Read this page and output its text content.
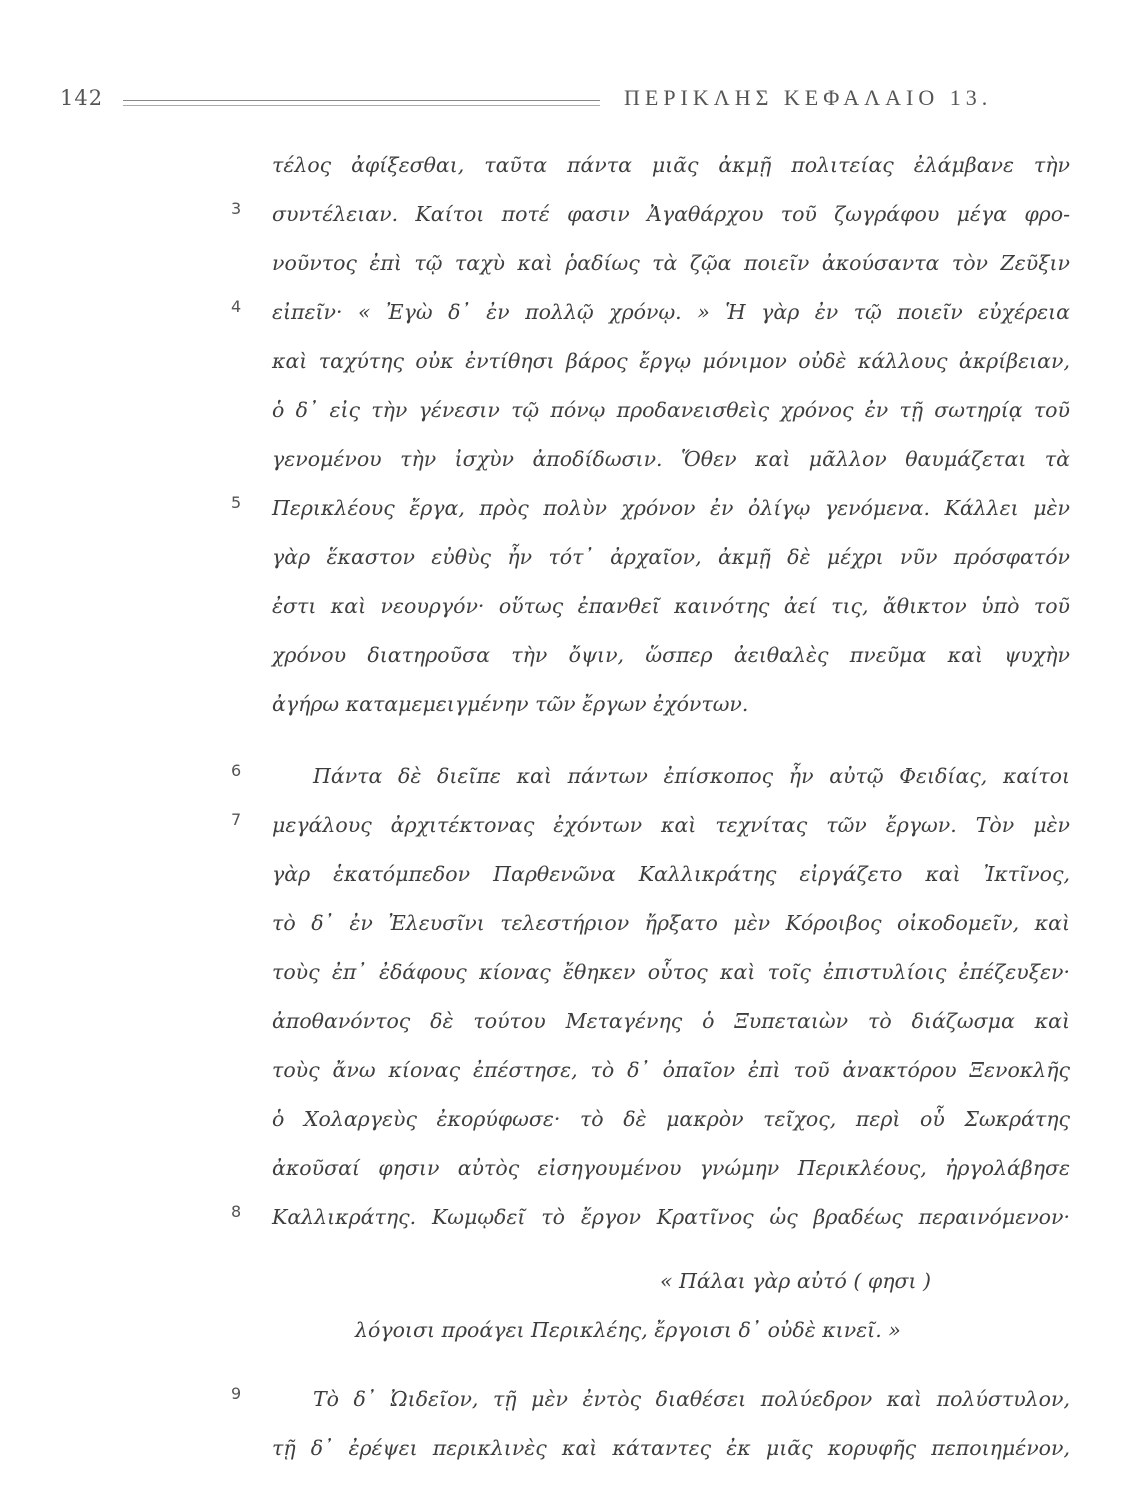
142	ΠΕΡΙΚΛΗΣ ΚΕΦΑΛΑΙΟ 13.
τέλος ἀφίξεσθαι, ταῦτα πάντα μιᾶς ἀκμῇ πολιτείας ἐλάμβανε τὴν
3 συντέλειαν. Καίτοι ποτέ φασιν Ἀγαθάρχου τοῦ ζωγράφου μέγα φρο-
νοῦντος ἐπὶ τῷ ταχὺ καὶ ῥαδίως τὰ ζῷα ποιεῖν ἀκούσαντα τὸν Ζεῦξιν
4 εἰπεῖν· « Ἐγὼ δ᾽ ἐν πολλῷ χρόνῳ. » Ἡ γὰρ ἐν τῷ ποιεῖν εὐχέρεια
καὶ ταχύτης οὐκ ἐντίθησι βάρος ἔργῳ μόνιμον οὐδὲ κάλλους ἀκρίβειαν,
ὁ δ᾽ εἰς τὴν γένεσιν τῷ πόνῳ προδανεισθεὶς χρόνος ἐν τῇ σωτηρίᾳ τοῦ
γενομένου τὴν ἰσχὺν ἀποδίδωσιν. Ὅθεν καὶ μᾶλλον θαυμάζεται τὰ
5 Περικλέους ἔργα, πρὸς πολὺν χρόνον ἐν ὀλίγῳ γενόμενα. Κάλλει μὲν
γὰρ ἕκαστον εὐθὺς ἦν τότ᾽ ἀρχαῖον, ἀκμῇ δὲ μέχρι νῦν πρόσφατόν
ἐστι καὶ νεουργόν· οὕτως ἐπανθεῖ καινότης ἀεί τις, ἄθικτον ὑπὸ τοῦ
χρόνου διατηροῦσα τὴν ὄψιν, ὥσπερ ἀειθαλὲς πνεῦμα καὶ ψυχὴν
ἀγήρω καταμεμειγμένην τῶν ἔργων ἐχόντων.
6	Πάντα δὲ διεῖπε καὶ πάντων ἐπίσκοπος ἦν αὐτῷ Φειδίας, καίτοι
7 μεγάλους ἀρχιτέκτονας ἐχόντων καὶ τεχνίτας τῶν ἔργων. Τὸν μὲν
γὰρ ἑκατόμπεδον Παρθενῶνα Καλλικράτης εἰργάζετο καὶ Ἰκτῖνος,
τὸ δ᾽ ἐν Ἐλευσῖνι τελεστήριον ἤρξατο μὲν Κόροιβος οἰκοδομεῖν, καὶ
τοὺς ἐπ᾽ ἐδάφους κίονας ἔθηκεν οὗτος καὶ τοῖς ἐπιστυλίοις ἐπέζευξεν·
ἀποθανόντος δὲ τούτου Μεταγένης ὁ Ξυπεταιὼν τὸ διάζωσμα καὶ
τοὺς ἄνω κίονας ἐπέστησε, τὸ δ᾽ ὀπαῖον ἐπὶ τοῦ ἀνακτόρου Ξενοκλῆς
ὁ Χολαργεὺς ἐκορύφωσε· τὸ δὲ μακρὸν τεῖχος, περὶ οὗ Σωκράτης
ἀκοῦσαί φησιν αὐτὸς εἰσηγουμένου γνώμην Περικλέους, ἠργολάβησε
8 Καλλικράτης. Κωμῳδεῖ τὸ ἔργον Κρατῖνος ὡς βραδέως περαινόμενον·
« Πάλαι γὰρ αὐτό ( φησι )
λόγοισι προάγει Περικλέης, ἔργοισι δ᾽ οὐδὲ κινεῖ. »
9	Τὸ δ᾽ Ὠιδεῖον, τῇ μὲν ἐντὸς διαθέσει πολύεδρον καὶ πολύστυλον,
τῇ δ᾽ ἐρέψει περικλινὲς καὶ κάταντες ἐκ μιᾶς κορυφῆς πεποιημένον,
